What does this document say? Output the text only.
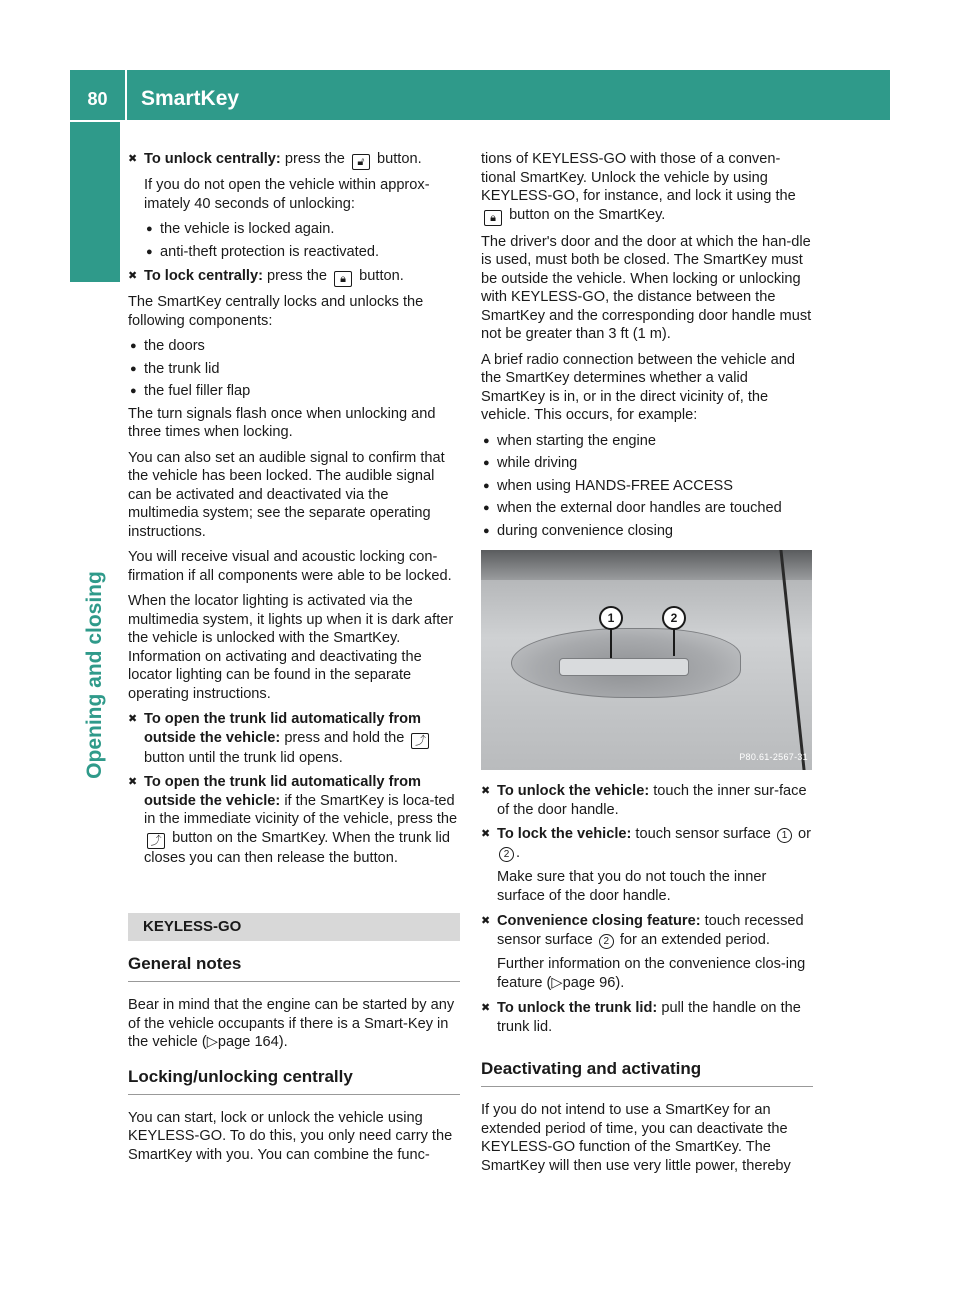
80	SmartKey
Opening and closing
✖ To unlock centrally: press the 🔓︎ button.
If you do not open the vehicle within approx-imately 40 seconds of unlocking:
● the vehicle is locked again.
● anti-theft protection is reactivated.
✖ To lock centrally: press the 🔒︎ button.
The SmartKey centrally locks and unlocks the following components:
● the doors
● the trunk lid
● the fuel filler flap
The turn signals flash once when unlocking and three times when locking.
You can also set an audible signal to confirm that the vehicle has been locked. The audible signal can be activated and deactivated via the multimedia system; see the separate operating instructions.
You will receive visual and acoustic locking con-firmation if all components were able to be locked.
When the locator lighting is activated via the multimedia system, it lights up when it is dark after the vehicle is unlocked with the SmartKey. Information on activating and deactivating the locator lighting can be found in the separate operating instructions.
✖ To open the trunk lid automatically from outside the vehicle: press and hold the ⤴︎ button until the trunk lid opens.
✖ To open the trunk lid automatically from outside the vehicle: if the SmartKey is loca-ted in the immediate vicinity of the vehicle, press the ⤴︎ button on the SmartKey. When the trunk lid closes you can then release the button.
KEYLESS-GO
General notes
Bear in mind that the engine can be started by any of the vehicle occupants if there is a Smart-Key in the vehicle (▷page 164).
Locking/unlocking centrally
You can start, lock or unlock the vehicle using KEYLESS-GO. To do this, you only need carry the SmartKey with you. You can combine the func-
tions of KEYLESS-GO with those of a conven-tional SmartKey. Unlock the vehicle by using KEYLESS-GO, for instance, and lock it using the 🔒︎ button on the SmartKey.
The driver's door and the door at which the han-dle is used, must both be closed. The SmartKey must be outside the vehicle. When locking or unlocking with KEYLESS-GO, the distance between the SmartKey and the corresponding door handle must not be greater than 3 ft (1 m).
A brief radio connection between the vehicle and the SmartKey determines whether a valid SmartKey is in, or in the direct vicinity of, the vehicle. This occurs, for example:
● when starting the engine
● while driving
● when using HANDS-FREE ACCESS
● when the external door handles are touched
● during convenience closing
1	2
P80.61-2567-31
✖ To unlock the vehicle: touch the inner sur-face of the door handle.
✖ To lock the vehicle: touch sensor surface 1 or 2 .
Make sure that you do not touch the inner surface of the door handle.
✖ Convenience closing feature: touch recessed sensor surface 2 for an extended period.
Further information on the convenience clos-ing feature (▷page 96).
✖ To unlock the trunk lid: pull the handle on the trunk lid.
Deactivating and activating
If you do not intend to use a SmartKey for an extended period of time, you can deactivate the KEYLESS-GO function of the SmartKey. The SmartKey will then use very little power, thereby
